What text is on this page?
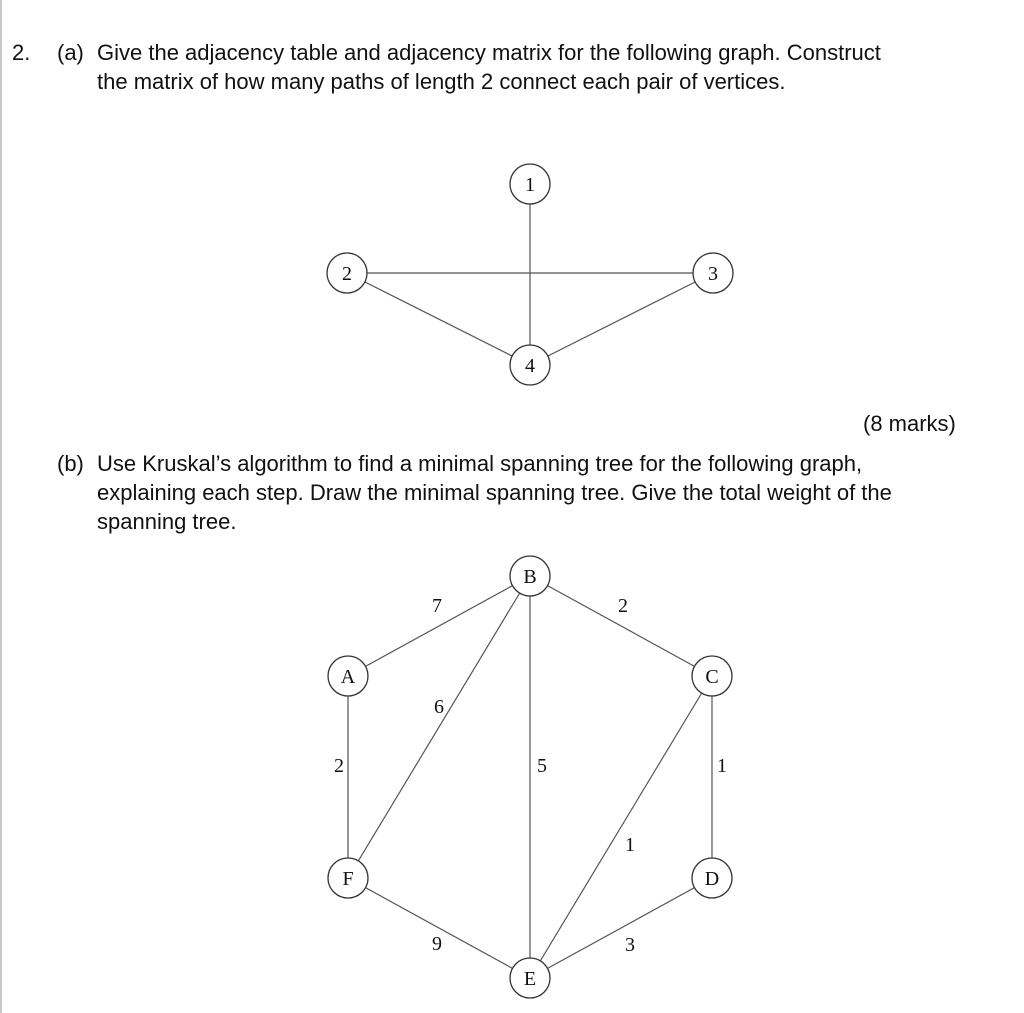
2. (a) Give the adjacency table and adjacency matrix for the following graph. Construct
the matrix of how many paths of length 2 connect each pair of vertices.
(8 marks)
(b) Use Kruskal’s algorithm to find a minimal spanning tree for the following graph,
explaining each step. Draw the minimal spanning tree. Give the total weight of the
spanning tree.
1
2	3
4
7	2
2
6
5	1
1
9	3
A
B
C
D
E
F
